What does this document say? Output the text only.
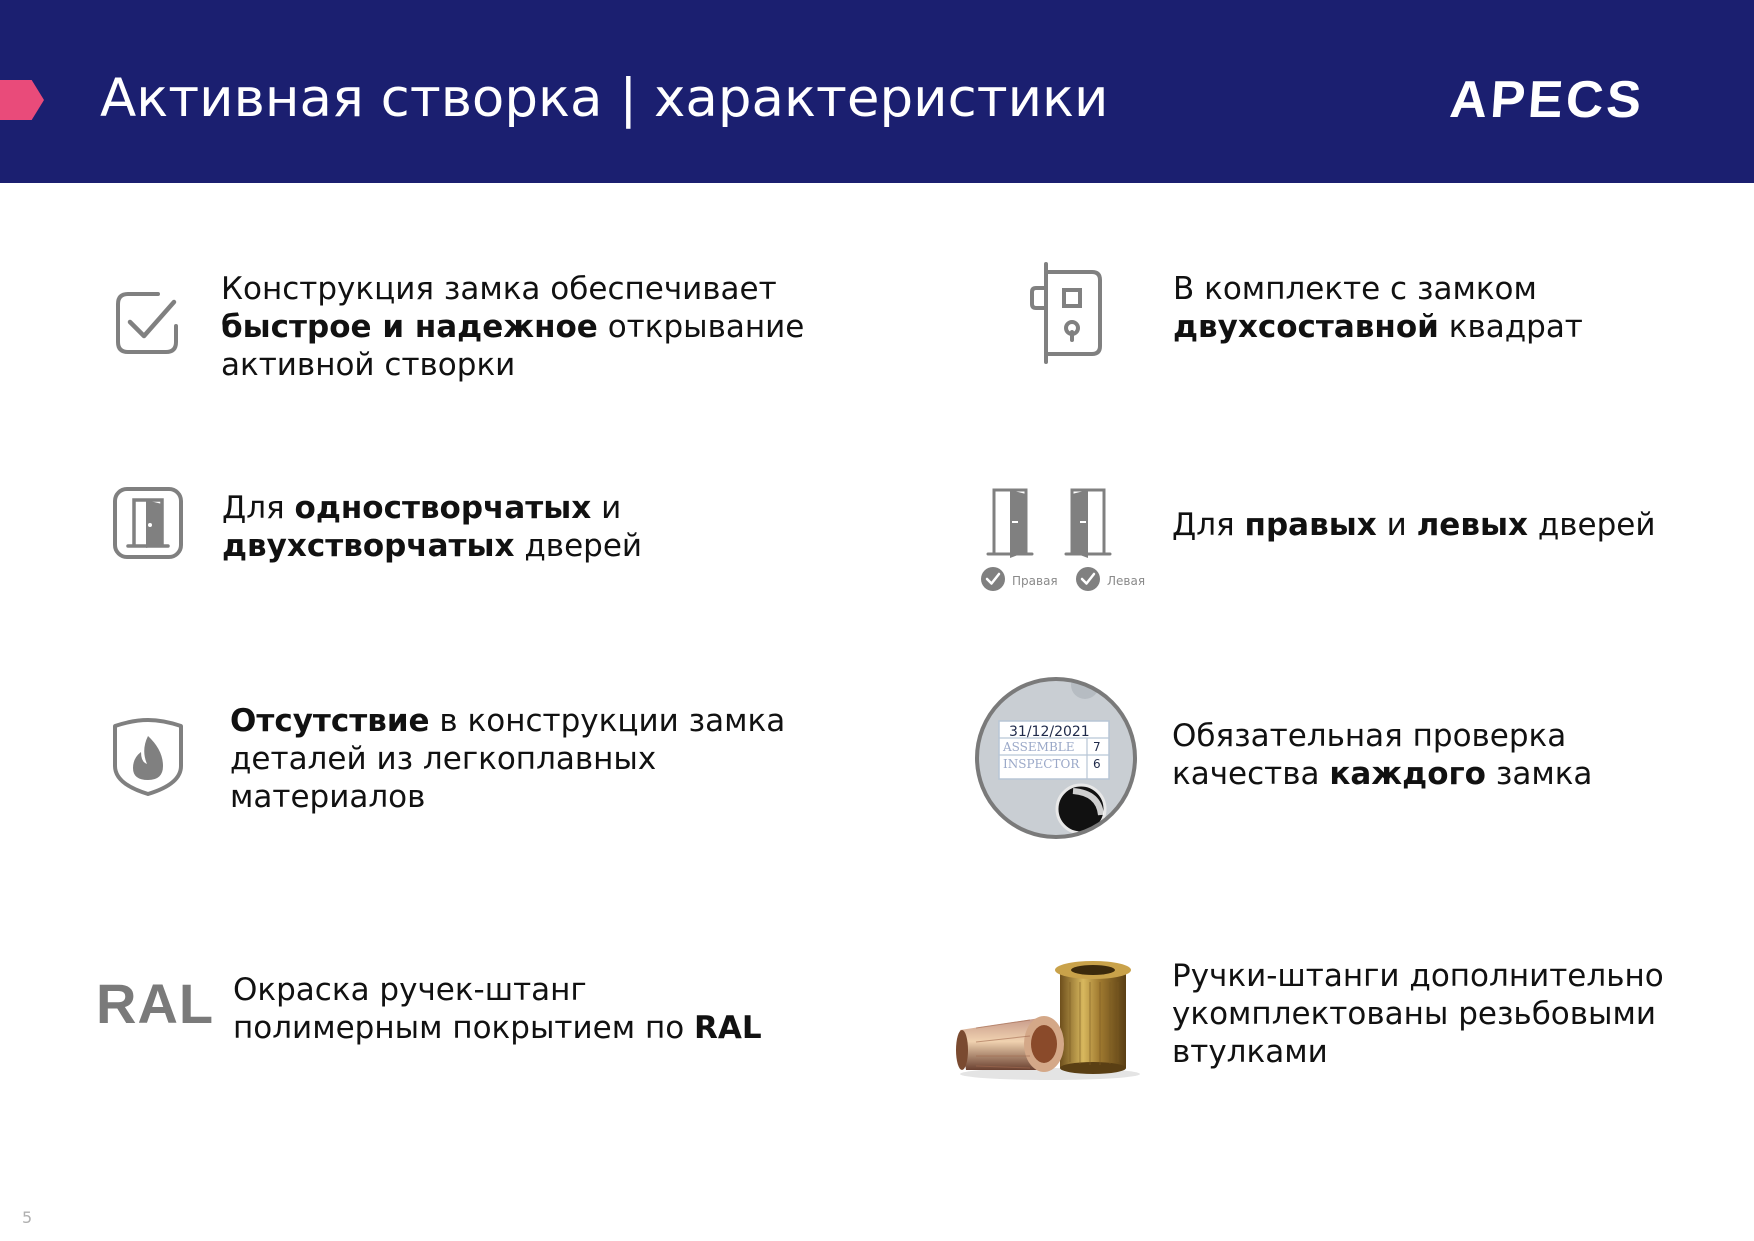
Активная створка | характеристики	APECS
Конструкция замка обеспечивает
быстрое и надежное открывание
активной створки
В комплекте с замком
двухсоставной квадрат
Для одностворчатых и
двухстворчатых дверей
Правая	Левая
Для правых и левых дверей
Отсутствие в конструкции замка
деталей из легкоплавных
материалов
31/12/2021
ASSEMBLE 7
INSPECTOR 6
Обязательная проверка
качества каждого замка
RAL Окраска ручек-штанг
полимерным покрытием по RAL
Ручки-штанги дополнительно
укомплектованы резьбовыми
втулками
5
